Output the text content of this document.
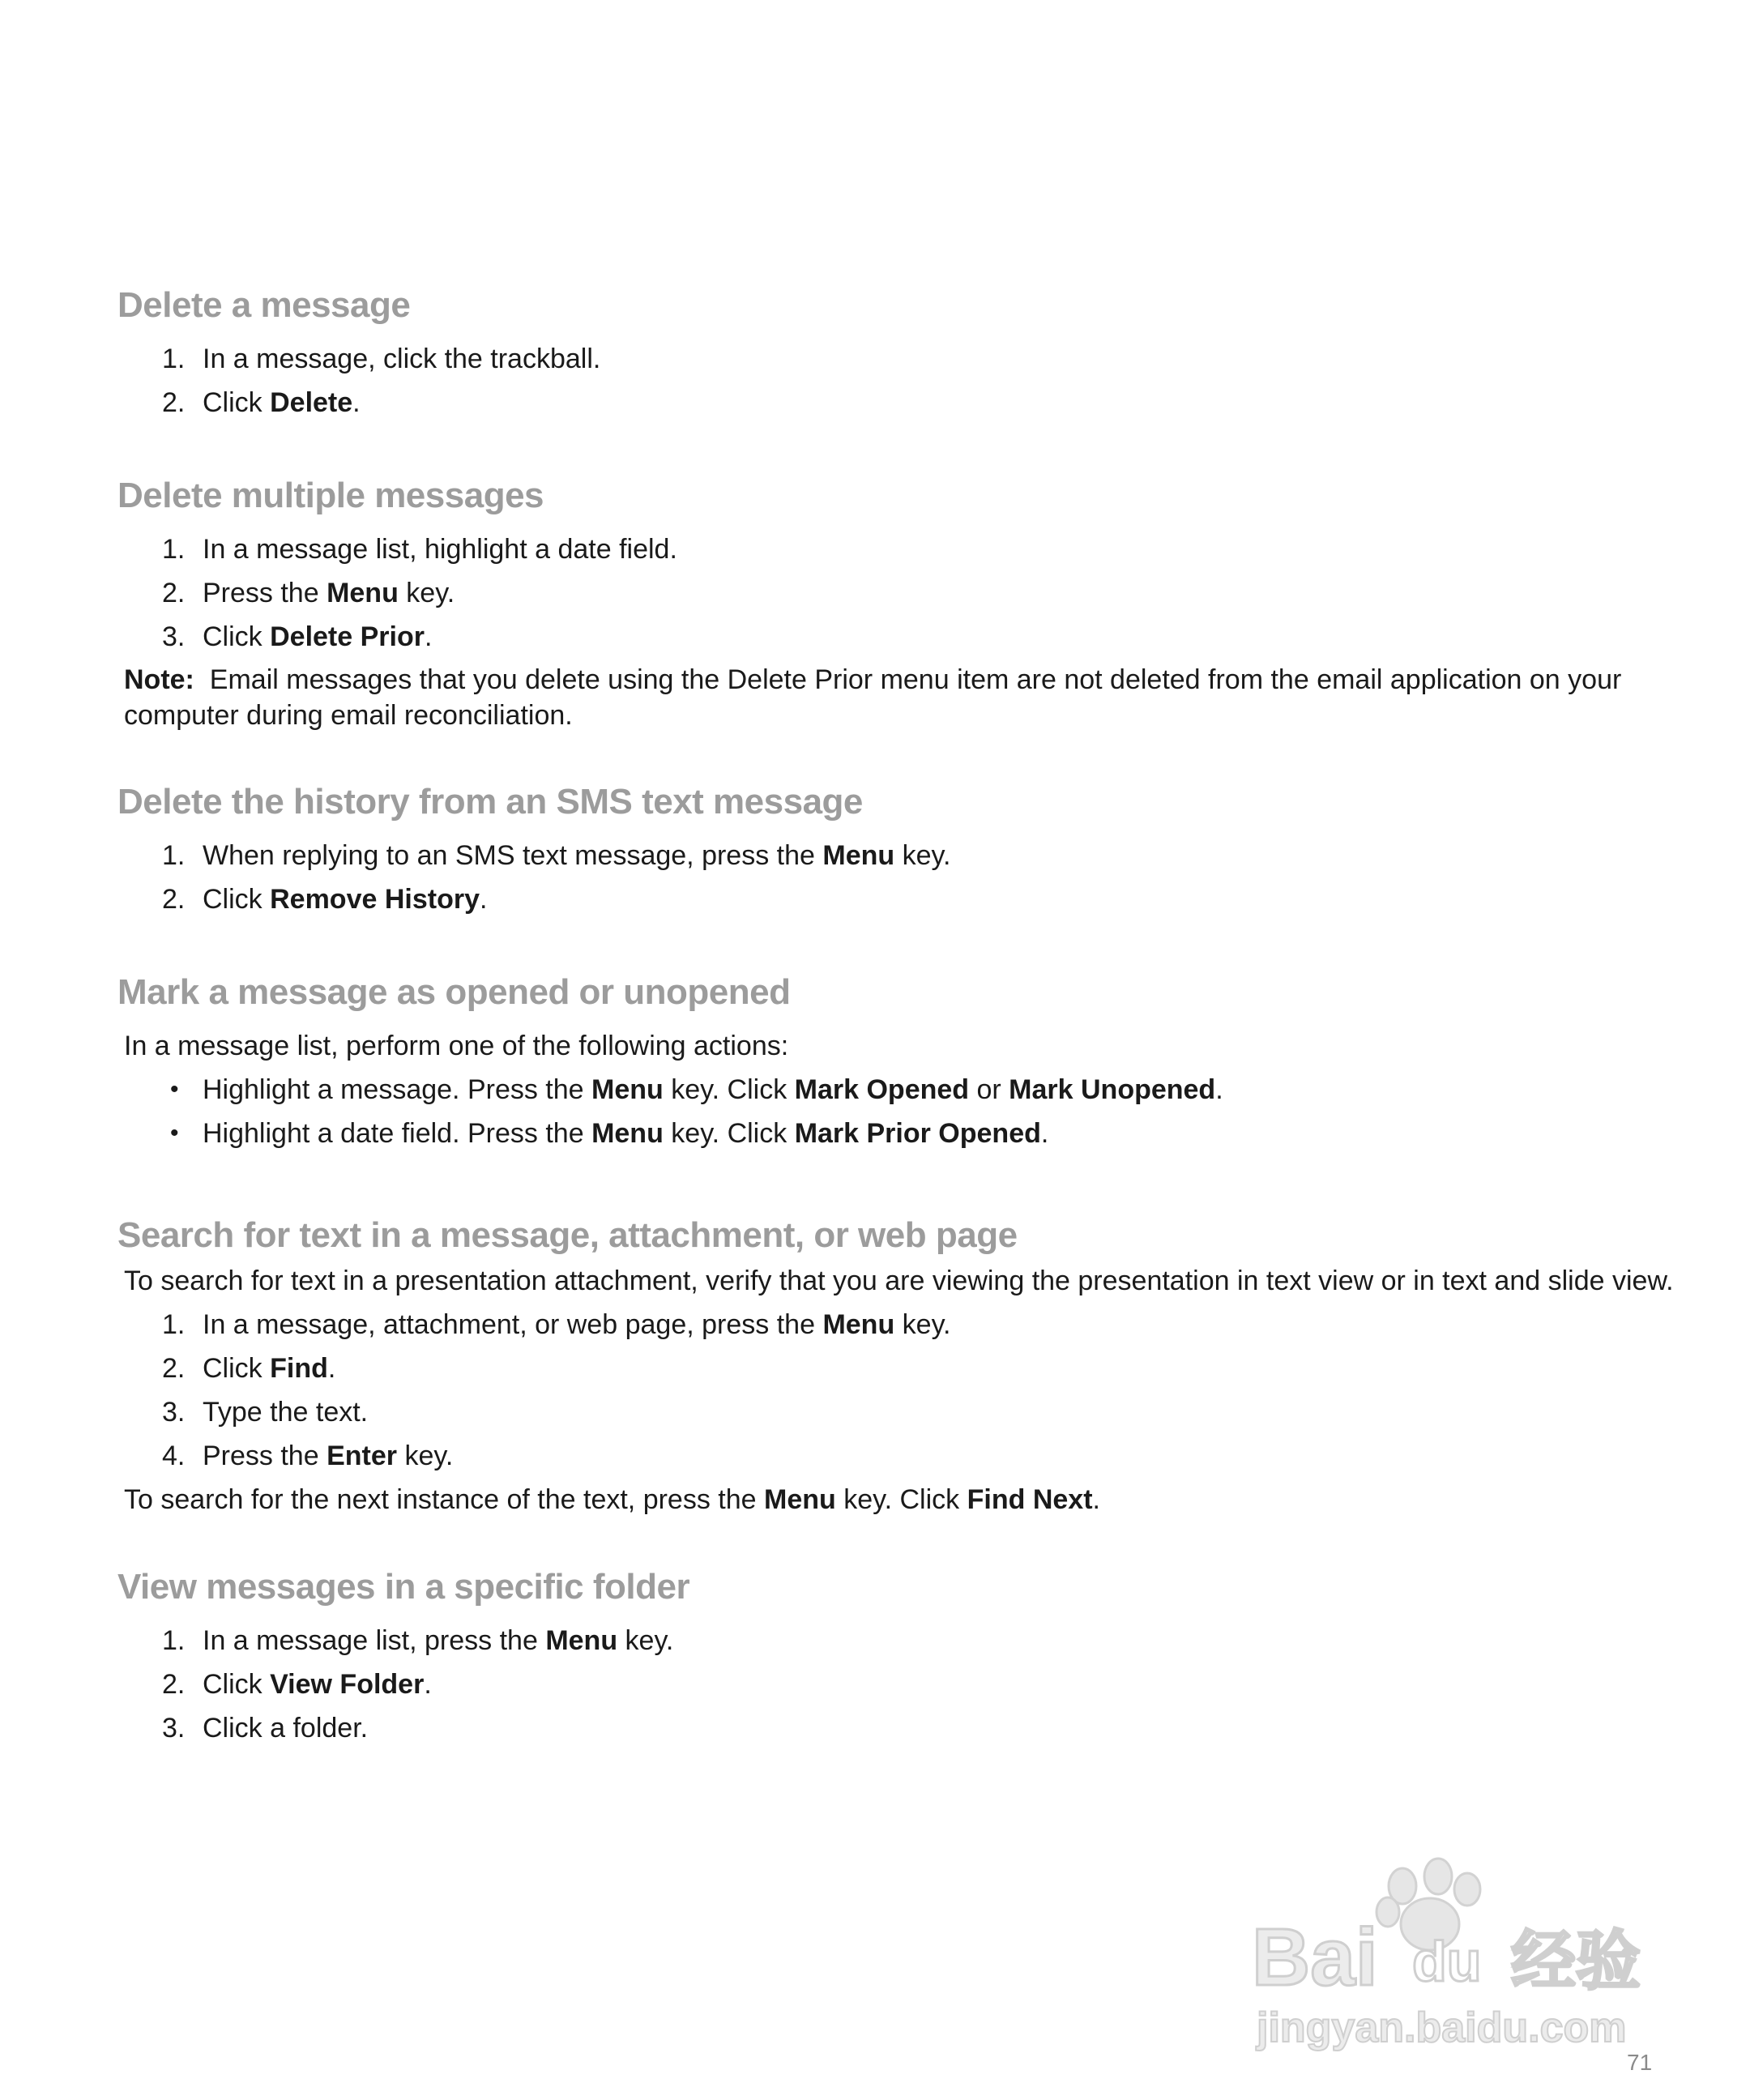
Delete a message
1. In a message, click the trackball.

2. Click Delete.

Delete multiple messages
1. In a message list, highlight a date field.

2. Press the Menu key.

3. Click Delete Prior.

Note: Email messages that you delete using the Delete Prior menu item are not deleted from the email application on your computer during email reconciliation.
Delete the history from an SMS text message
1. When replying to an SMS text message, press the Menu key.

2. Click Remove History.

Mark a message as opened or unopened
In a message list, perform one of the following actions:
• Highlight a message. Press the Menu key. Click Mark Opened or Mark Unopened.

• Highlight a date field. Press the Menu key. Click Mark Prior Opened.

Search for text in a message, attachment, or web page
To search for text in a presentation attachment, verify that you are viewing the presentation in text view or in text and slide view.
1. In a message, attachment, or web page, press the Menu key.

2. Click Find.

3. Type the text.

4. Press the Enter key.

To search for the next instance of the text, press the Menu key. Click Find Next.
View messages in a specific folder
1. In a message list, press the Menu key.

2. Click View Folder.

3. Click a folder.

Bai du 经验
jingyan.baidu.com
71
